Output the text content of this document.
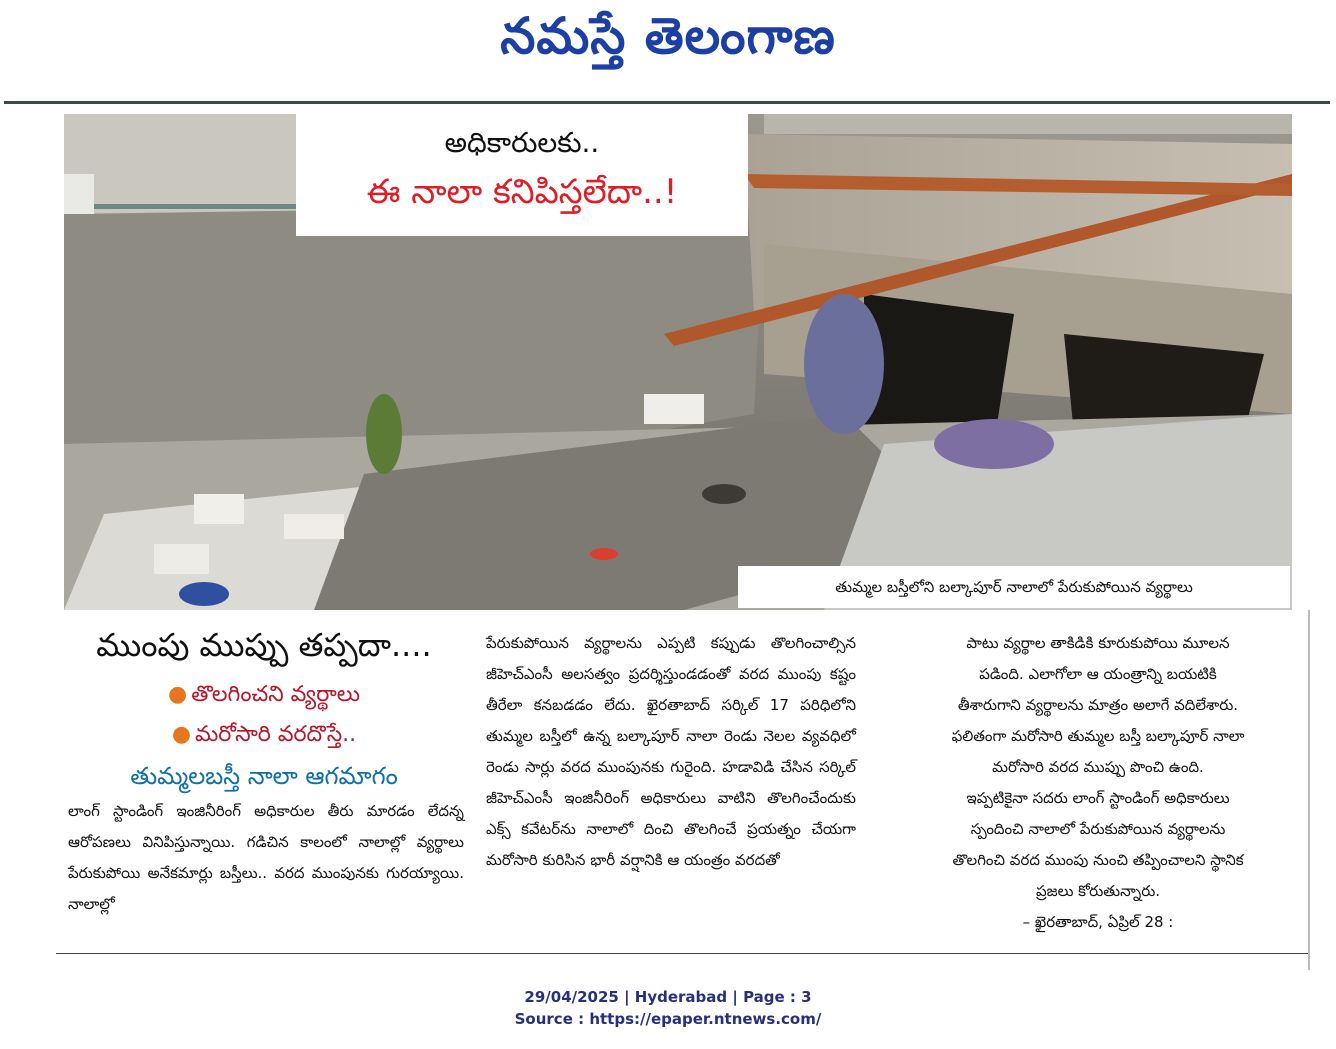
నమస్తే తెలంగాణ
అధికారులకు..
ఈ నాలా కనిపిస్తలేదా..!
తుమ్మల బస్తీలోని బల్కాపూర్ నాలాలో పేరుకుపోయిన వ్యర్థాలు
ముంపు ముప్పు తప్పదా....
● తొలగించని వ్యర్థాలు
● మరోసారి వరదొస్తే..
తుమ్మలబస్తీ నాలా ఆగమాగం

లాంగ్ స్టాండింగ్ ఇంజినీరింగ్ అధికారుల తీరు మారడం లేదన్న ఆరోపణలు వినిపిస్తున్నాయి. గడిచిన కాలంలో నాలాల్లో వ్యర్థాలు పేరుకుపోయి అనేకమార్లు బస్తీలు.. వరద ముంపునకు గురయ్యాయి. నాలాల్లో

పేరుకుపోయిన వ్యర్థాలను ఎప్పటి కప్పుడు తొలగించాల్సిన జీహెచ్ఎంసీ అలసత్వం ప్రదర్శిస్తుండడంతో వరద ముంపు కష్టం తీరేలా కనబడడం లేదు. ఖైరతాబాద్ సర్కిల్ 17 పరిధిలోని తుమ్మల బస్తీలో ఉన్న బల్కాపూర్ నాలా రెండు నెలల వ్యవధిలో రెండు సార్లు వరద ముంపునకు గురైంది. హడావిడి చేసిన సర్కిల్ జీహెచ్ఎంసీ ఇంజినీరింగ్ అధికారులు వాటిని తొలగించేందుకు ఎక్స్ కవేటర్‌ను నాలాలో దించి తొలగించే ప్రయత్నం చేయగా మరోసారి కురిసిన భారీ వర్షానికి ఆ యంత్రం వరదతో

పాటు వ్యర్థాల తాకిడికి కూరుకుపోయి మూలన

పడింది. ఎలాగోలా ఆ యంత్రాన్ని బయటికి

తీశారుగాని వ్యర్థాలను మాత్రం అలాగే వదిలేశారు.

ఫలితంగా మరోసారి తుమ్మల బస్తీ బల్కాపూర్ నాలా

మరోసారి వరద ముప్పు పొంచి ఉంది.

ఇప్పటికైనా సదరు లాంగ్ స్టాండింగ్ అధికారులు

స్పందించి నాలాలో పేరుకుపోయిన వ్యర్థాలను

తొలగించి వరద ముంపు నుంచి తప్పించాలని స్థానిక

ప్రజలు కోరుతున్నారు.

– ఖైరతాబాద్, ఏప్రిల్ 28 :

29/04/2025 | Hyderabad | Page : 3
Source : https://epaper.ntnews.com/
